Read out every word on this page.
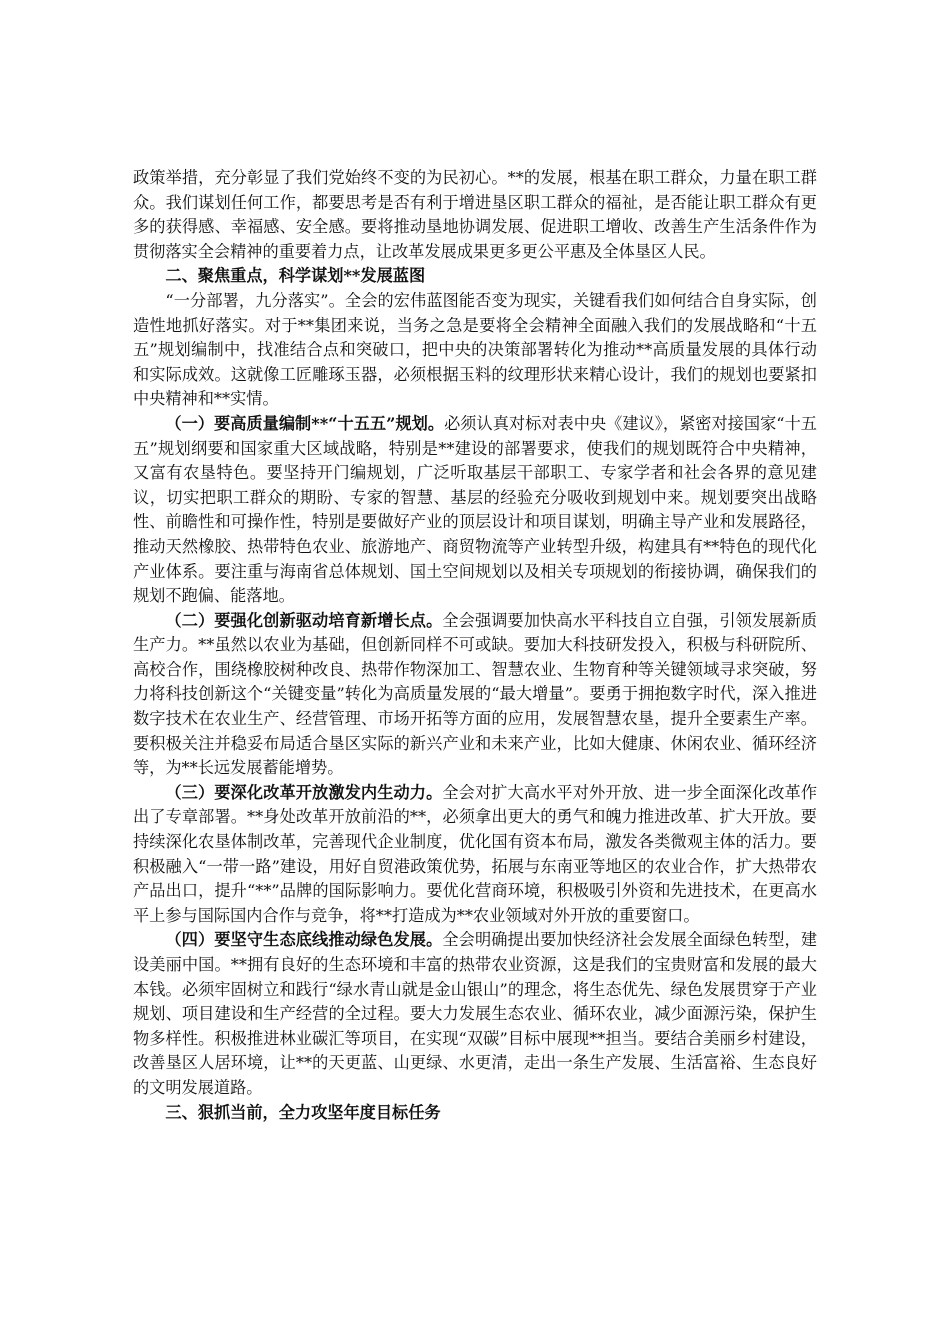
政策举措，充分彰显了我们党始终不变的为民初心。**的发展，根基在职工群众，力量在职工群众。我们谋划任何工作，都要思考是否有利于增进垦区职工群众的福祉，是否能让职工群众有更多的获得感、幸福感、安全感。要将推动垦地协调发展、促进职工增收、改善生产生活条件作为贯彻落实全会精神的重要着力点，让改革发展成果更多更公平惠及全体垦区人民。

二、聚焦重点，科学谋划**发展蓝图

“一分部署，九分落实”。全会的宏伟蓝图能否变为现实，关键看我们如何结合自身实际，创造性地抓好落实。对于**集团来说，当务之急是要将全会精神全面融入我们的发展战略和“十五五”规划编制中，找准结合点和突破口，把中央的决策部署转化为推动**高质量发展的具体行动和实际成效。这就像工匠雕琢玉器，必须根据玉料的纹理形状来精心设计，我们的规划也要紧扣中央精神和**实情。

（一）要高质量编制**“十五五”规划。必须认真对标对表中央《建议》，紧密对接国家“十五五”规划纲要和国家重大区域战略，特别是**建设的部署要求，使我们的规划既符合中央精神，又富有农垦特色。要坚持开门编规划，广泛听取基层干部职工、专家学者和社会各界的意见建议，切实把职工群众的期盼、专家的智慧、基层的经验充分吸收到规划中来。规划要突出战略性、前瞻性和可操作性，特别是要做好产业的顶层设计和项目谋划，明确主导产业和发展路径，推动天然橡胶、热带特色农业、旅游地产、商贸物流等产业转型升级，构建具有**特色的现代化产业体系。要注重与海南省总体规划、国土空间规划以及相关专项规划的衔接协调，确保我们的规划不跑偏、能落地。

（二）要强化创新驱动培育新增长点。全会强调要加快高水平科技自立自强，引领发展新质生产力。**虽然以农业为基础，但创新同样不可或缺。要加大科技研发投入，积极与科研院所、高校合作，围绕橡胶树种改良、热带作物深加工、智慧农业、生物育种等关键领域寻求突破，努力将科技创新这个“关键变量”转化为高质量发展的“最大增量”。要勇于拥抱数字时代，深入推进数字技术在农业生产、经营管理、市场开拓等方面的应用，发展智慧农垦，提升全要素生产率。要积极关注并稳妥布局适合垦区实际的新兴产业和未来产业，比如大健康、休闲农业、循环经济等，为**长远发展蓄能增势。

（三）要深化改革开放激发内生动力。全会对扩大高水平对外开放、进一步全面深化改革作出了专章部署。**身处改革开放前沿的**，必须拿出更大的勇气和魄力推进改革、扩大开放。要持续深化农垦体制改革，完善现代企业制度，优化国有资本布局，激发各类微观主体的活力。要积极融入“一带一路”建设，用好自贸港政策优势，拓展与东南亚等地区的农业合作，扩大热带农产品出口，提升“**”品牌的国际影响力。要优化营商环境，积极吸引外资和先进技术，在更高水平上参与国际国内合作与竞争，将**打造成为**农业领域对外开放的重要窗口。

（四）要坚守生态底线推动绿色发展。全会明确提出要加快经济社会发展全面绿色转型，建设美丽中国。**拥有良好的生态环境和丰富的热带农业资源，这是我们的宝贵财富和发展的最大本钱。必须牢固树立和践行“绿水青山就是金山银山”的理念，将生态优先、绿色发展贯穿于产业规划、项目建设和生产经营的全过程。要大力发展生态农业、循环农业，减少面源污染，保护生物多样性。积极推进林业碳汇等项目，在实现“双碳”目标中展现**担当。要结合美丽乡村建设，改善垦区人居环境，让**的天更蓝、山更绿、水更清，走出一条生产发展、生活富裕、生态良好的文明发展道路。

三、狠抓当前，全力攻坚年度目标任务
